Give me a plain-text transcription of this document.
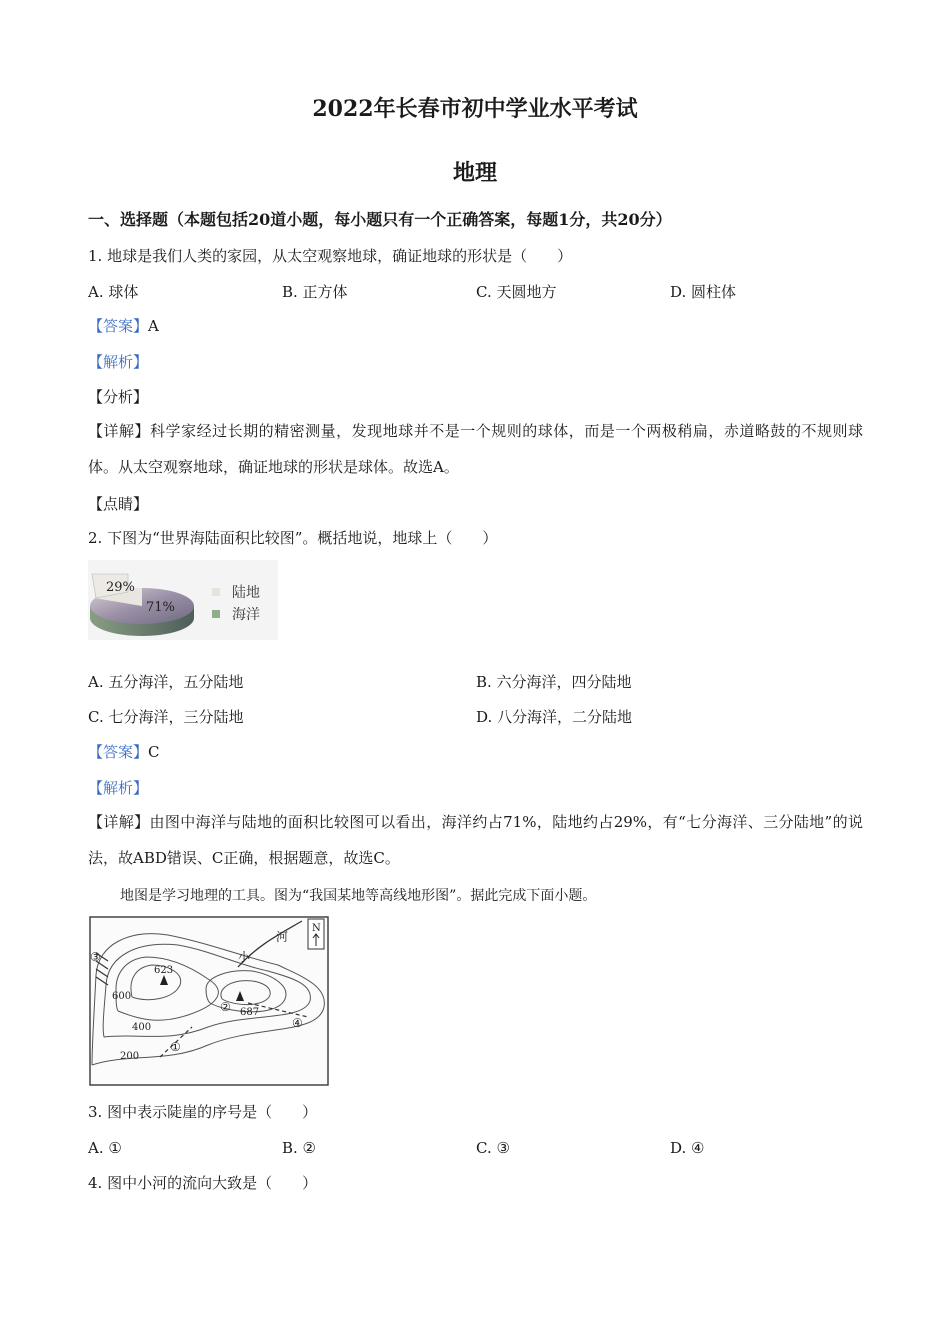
2022年长春市初中学业水平考试
地理
一、选择题（本题包括20道小题，每小题只有一个正确答案，每题1分，共20分）
1. 地球是我们人类的家园，从太空观察地球，确证地球的形状是（　　）
A. 球体	B. 正方体	C. 天圆地方	D. 圆柱体
【答案】A
【解析】
【分析】
【详解】科学家经过长期的精密测量，发现地球并不是一个规则的球体，而是一个两极稍扁，赤道略鼓的不规则球体。从太空观察地球，确证地球的形状是球体。故选A。
【点睛】
2. 下图为“世界海陆面积比较图”。概括地说，地球上（　　）
29%
71%
陆地
海洋
A. 五分海洋，五分陆地	B. 六分海洋，四分陆地
C. 七分海洋，三分陆地	D. 八分海洋，二分陆地
【答案】C
【解析】
【详解】由图中海洋与陆地的面积比较图可以看出，海洋约占71%，陆地约占29%，有“七分海洋、三分陆地”的说法，故ABD错误、C正确，根据题意，故选C。
地图是学习地理的工具。图为“我国某地等高线地形图”。据此完成下面小题。
623
687
600
400
200
河
小
①
②
③
④
N
3. 图中表示陡崖的序号是（　　）
A. ①	B. ②	C. ③	D. ④
4. 图中小河的流向大致是（　　）
